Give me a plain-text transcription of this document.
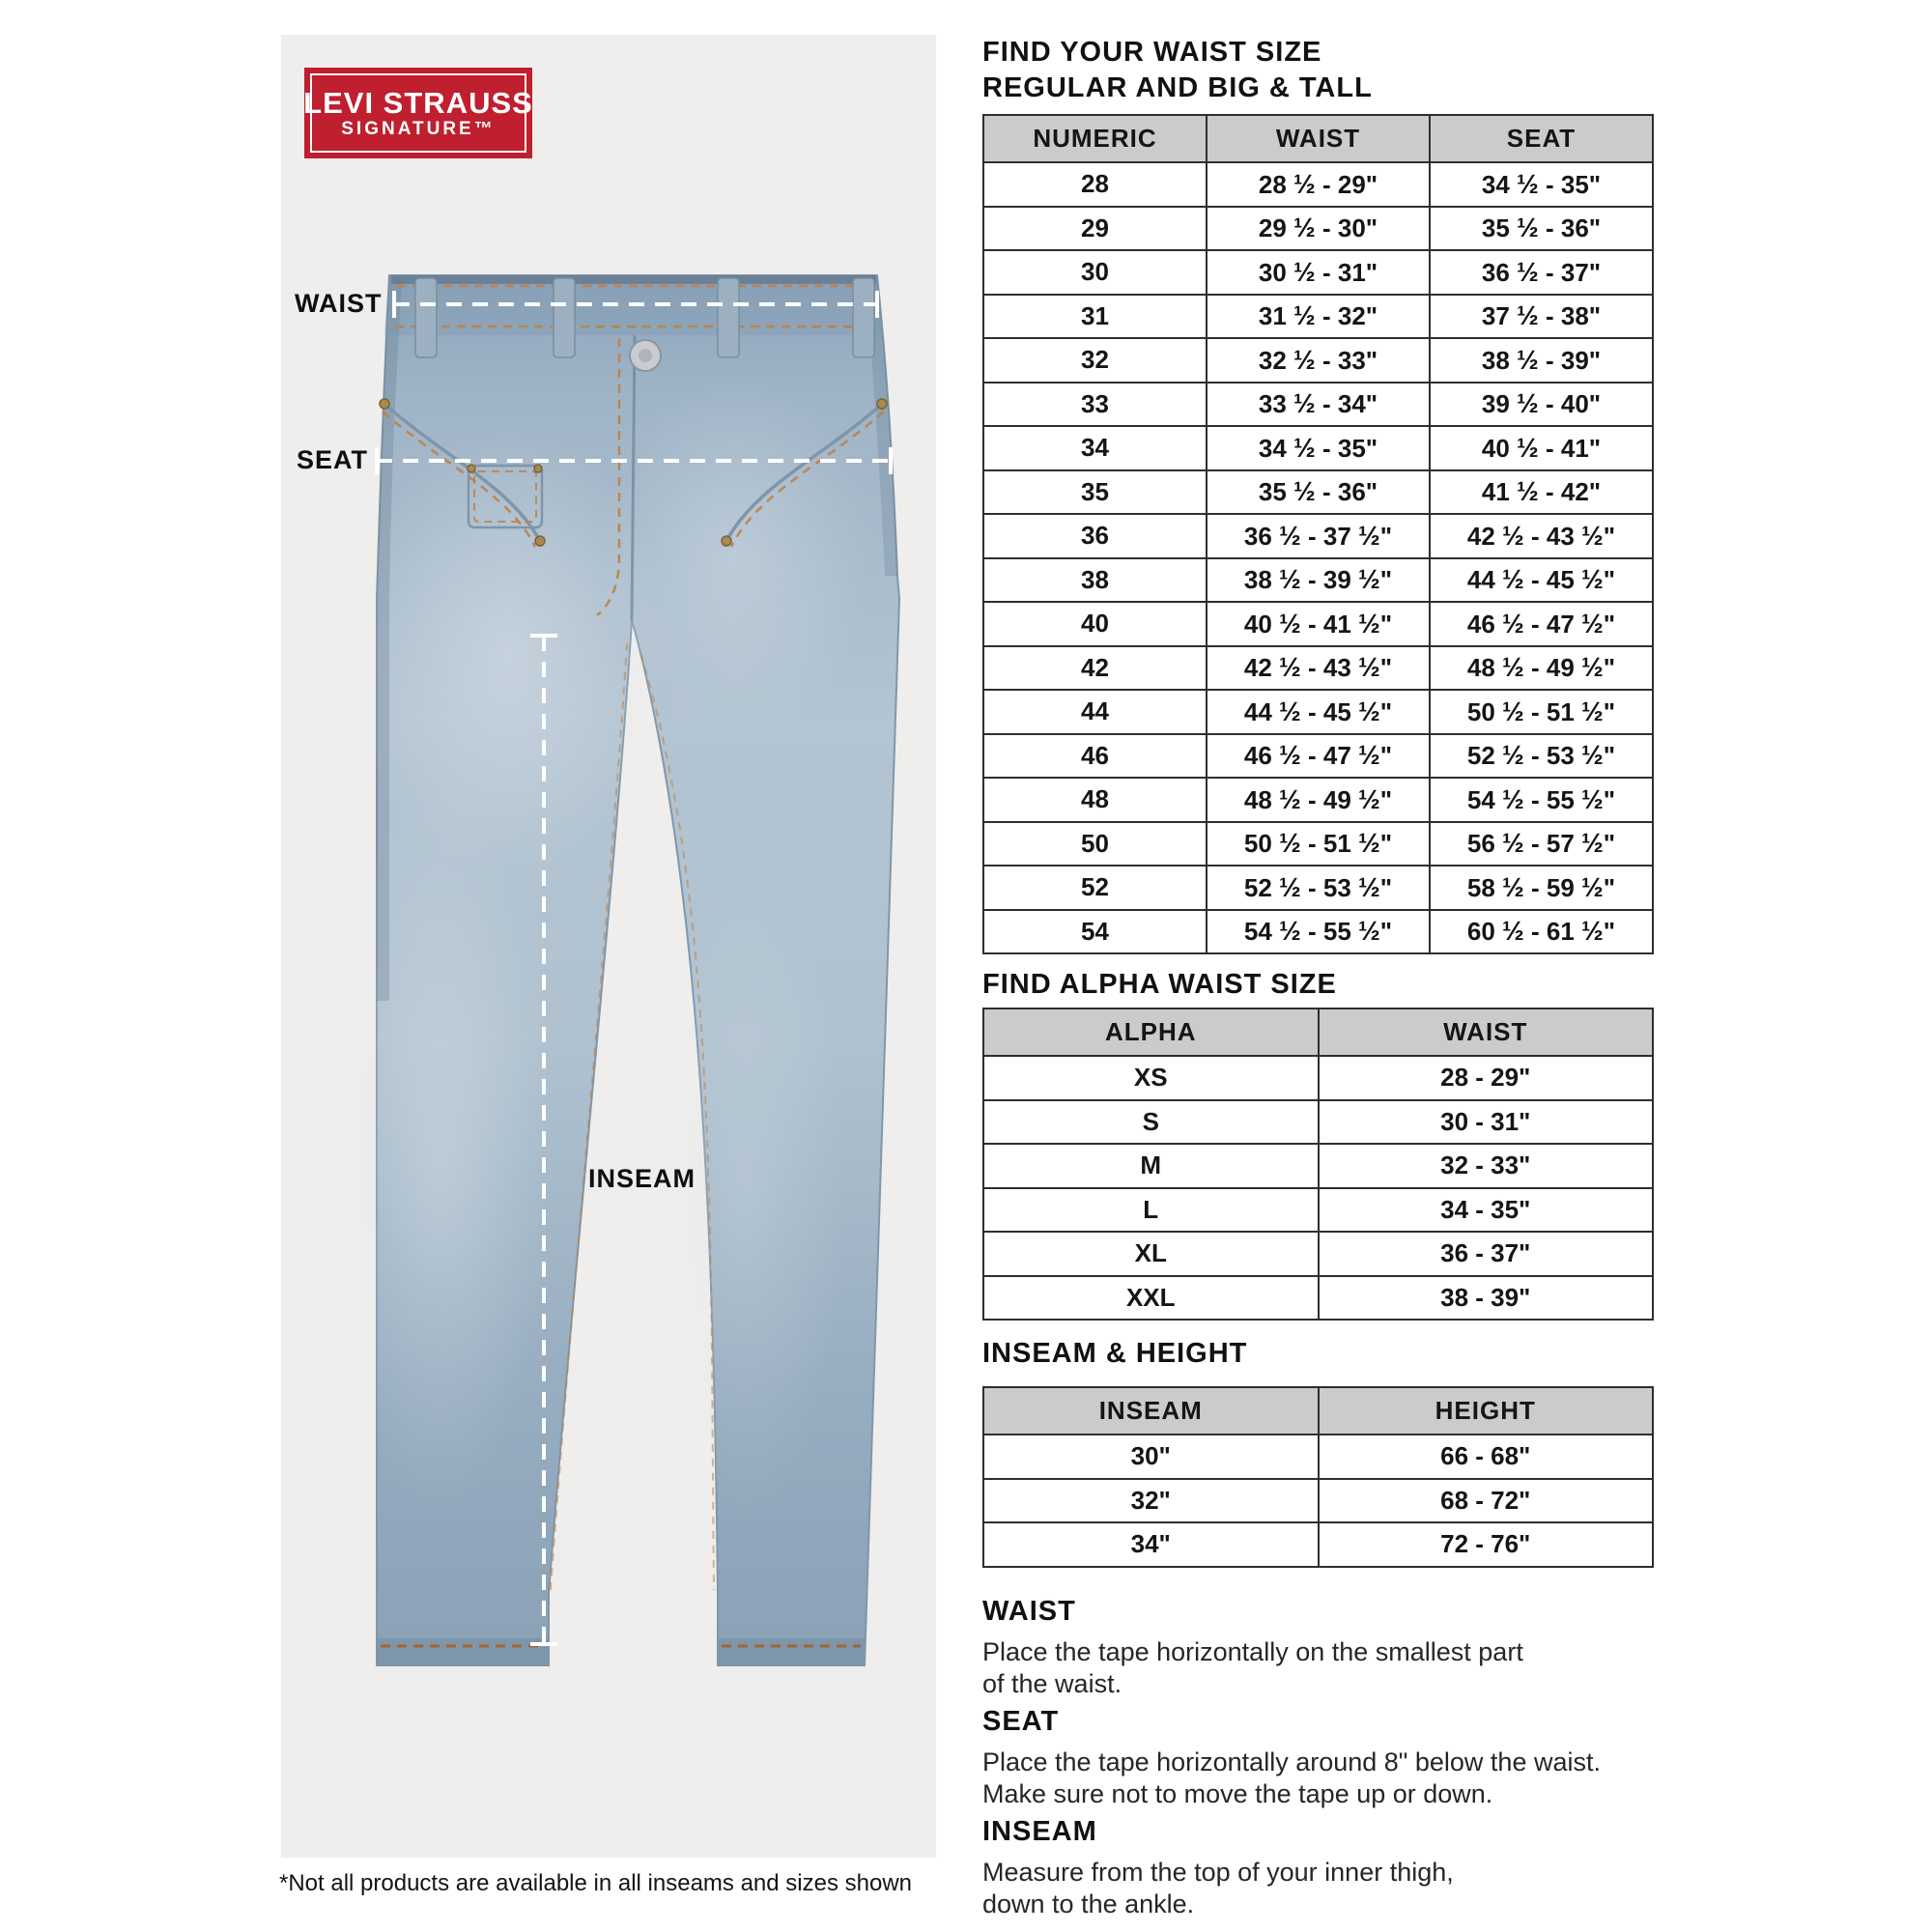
LEVI STRAUSS
SIGNATURE™
WAIST
SEAT
INSEAM
*Not all products are available in all inseams and sizes shown
FIND YOUR WAIST SIZE
REGULAR AND BIG & TALL
NUMERIC	WAIST	SEAT
28	28 ½ - 29"	34 ½ - 35"
29	29 ½ - 30"	35 ½ - 36"
30	30 ½ - 31"	36 ½ - 37"
31	31 ½ - 32"	37 ½ - 38"
32	32 ½ - 33"	38 ½ - 39"
33	33 ½ - 34"	39 ½ - 40"
34	34 ½ - 35"	40 ½ - 41"
35	35 ½ - 36"	41 ½ - 42"
36	36 ½ - 37 ½"	42 ½ - 43 ½"
38	38 ½ - 39 ½"	44 ½ - 45 ½"
40	40 ½ - 41 ½"	46 ½ - 47 ½"
42	42 ½ - 43 ½"	48 ½ - 49 ½"
44	44 ½ - 45 ½"	50 ½ - 51 ½"
46	46 ½ - 47 ½"	52 ½ - 53 ½"
48	48 ½ - 49 ½"	54 ½ - 55 ½"
50	50 ½ - 51 ½"	56 ½ - 57 ½"
52	52 ½ - 53 ½"	58 ½ - 59 ½"
54	54 ½ - 55 ½"	60 ½ - 61 ½"
FIND ALPHA WAIST SIZE
ALPHA	WAIST
XS	28 - 29"
S	30 - 31"
M	32 - 33"
L	34 - 35"
XL	36 - 37"
XXL	38 - 39"
INSEAM & HEIGHT
INSEAM	HEIGHT
30"	66 - 68"
32"	68 - 72"
34"	72 - 76"
WAIST
Place the tape horizontally on the smallest part
of the waist.
SEAT
Place the tape horizontally around 8" below the waist.
Make sure not to move the tape up or down.
INSEAM
Measure from the top of your inner thigh,
down to the ankle.
